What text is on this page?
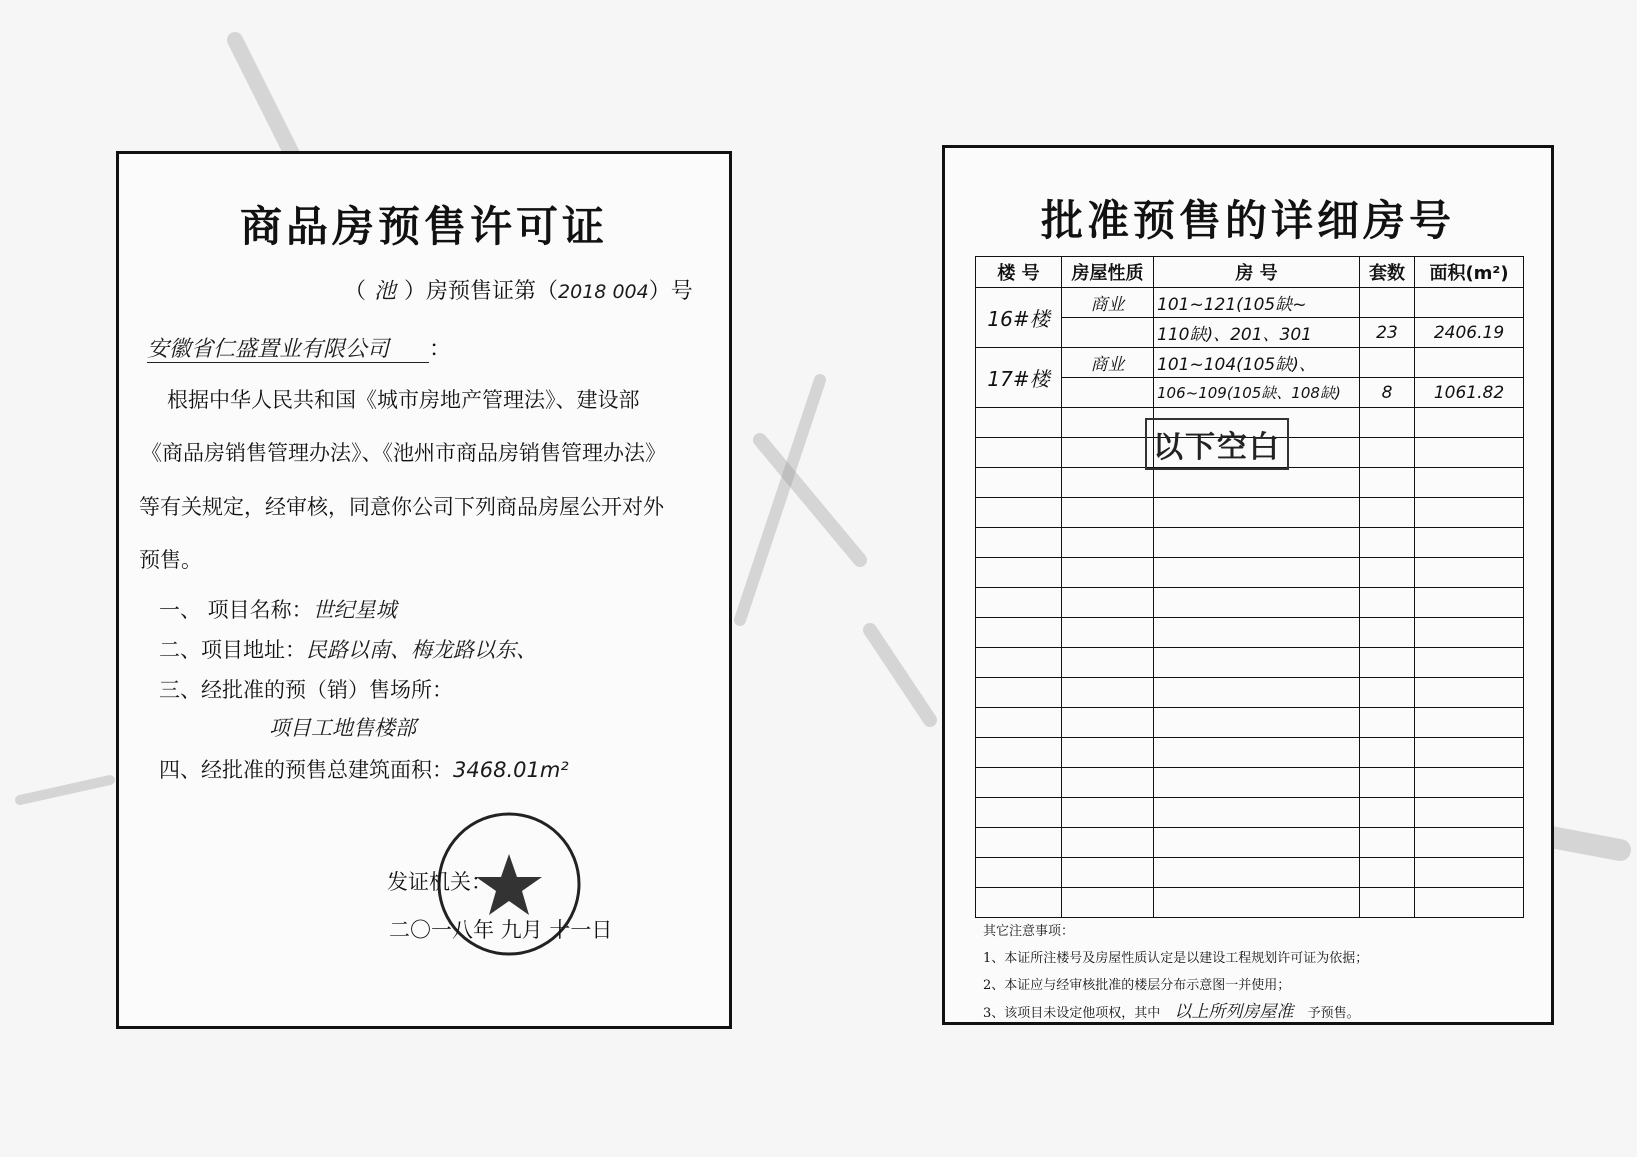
商品房预售许可证
（ 池 ）房预售证第（2018 004）号
安徽省仁盛置业有限公司 ：
根据中华人民共和国《城市房地产管理法》、建设部
《商品房销售管理办法》、《池州市商品房销售管理办法》
等有关规定，经审核，同意你公司下列商品房屋公开对外
预售。
一、 项目名称：世纪星城
二、项目地址：民路以南、梅龙路以东、
三、经批准的预（销）售场所：
项目工地售楼部
四、经批准的预售总建筑面积：3468.01m²
发证机关：
二〇一八年 九月 十一日
批准预售的详细房号
楼 号	房屋性质	房 号	套数	面积(m²)
16#楼	商业	101~121(105缺~		
		110缺)、201、301	23	2406.19
17#楼	商业	101~104(105缺)、		
		106~109(105缺、108缺)	8	1061.82

以下空白
其它注意事项：
1、本证所注楼号及房屋性质认定是以建设工程规划许可证为依据；
2、本证应与经审核批准的楼层分布示意图一并使用；
3、该项目未设定他项权，其中 以上所列房屋准 予预售。
